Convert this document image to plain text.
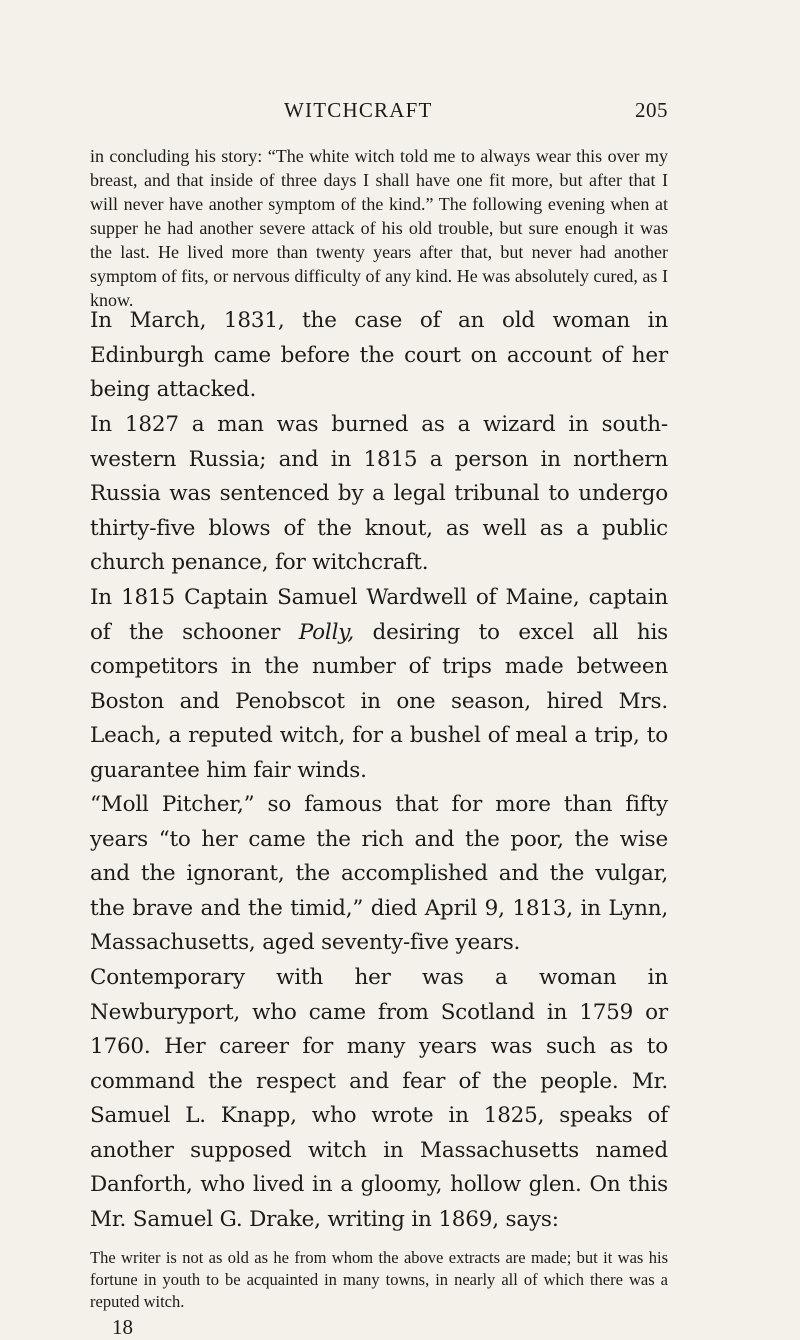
WITCHCRAFT	205

in concluding his story: “The white witch told me to always wear this over my breast, and that inside of three days I shall have one fit more, but after that I will never have another symptom of the kind.” The following evening when at supper he had another severe attack of his old trouble, but sure enough it was the last. He lived more than twenty years after that, but never had another symptom of fits, or nervous difficulty of any kind. He was absolutely cured, as I know.

In March, 1831, the case of an old woman in Edinburgh came before the court on account of her being attacked.

In 1827 a man was burned as a wizard in south-western Russia; and in 1815 a person in northern Russia was sentenced by a legal tribunal to undergo thirty-five blows of the knout, as well as a public church penance, for witchcraft.

In 1815 Captain Samuel Wardwell of Maine, captain of the schooner Polly, desiring to excel all his competitors in the number of trips made between Boston and Penobscot in one season, hired Mrs. Leach, a reputed witch, for a bushel of meal a trip, to guarantee him fair winds.

“Moll Pitcher,” so famous that for more than fifty years “to her came the rich and the poor, the wise and the ignorant, the accomplished and the vulgar, the brave and the timid,” died April 9, 1813, in Lynn, Massachusetts, aged seventy-five years.

Contemporary with her was a woman in Newburyport, who came from Scotland in 1759 or 1760. Her career for many years was such as to command the respect and fear of the people. Mr. Samuel L. Knapp, who wrote in 1825, speaks of another supposed witch in Massachusetts named Danforth, who lived in a gloomy, hollow glen. On this Mr. Samuel G. Drake, writing in 1869, says:

The writer is not as old as he from whom the above extracts are made; but it was his fortune in youth to be acquainted in many towns, in nearly all of which there was a reputed witch.

18
